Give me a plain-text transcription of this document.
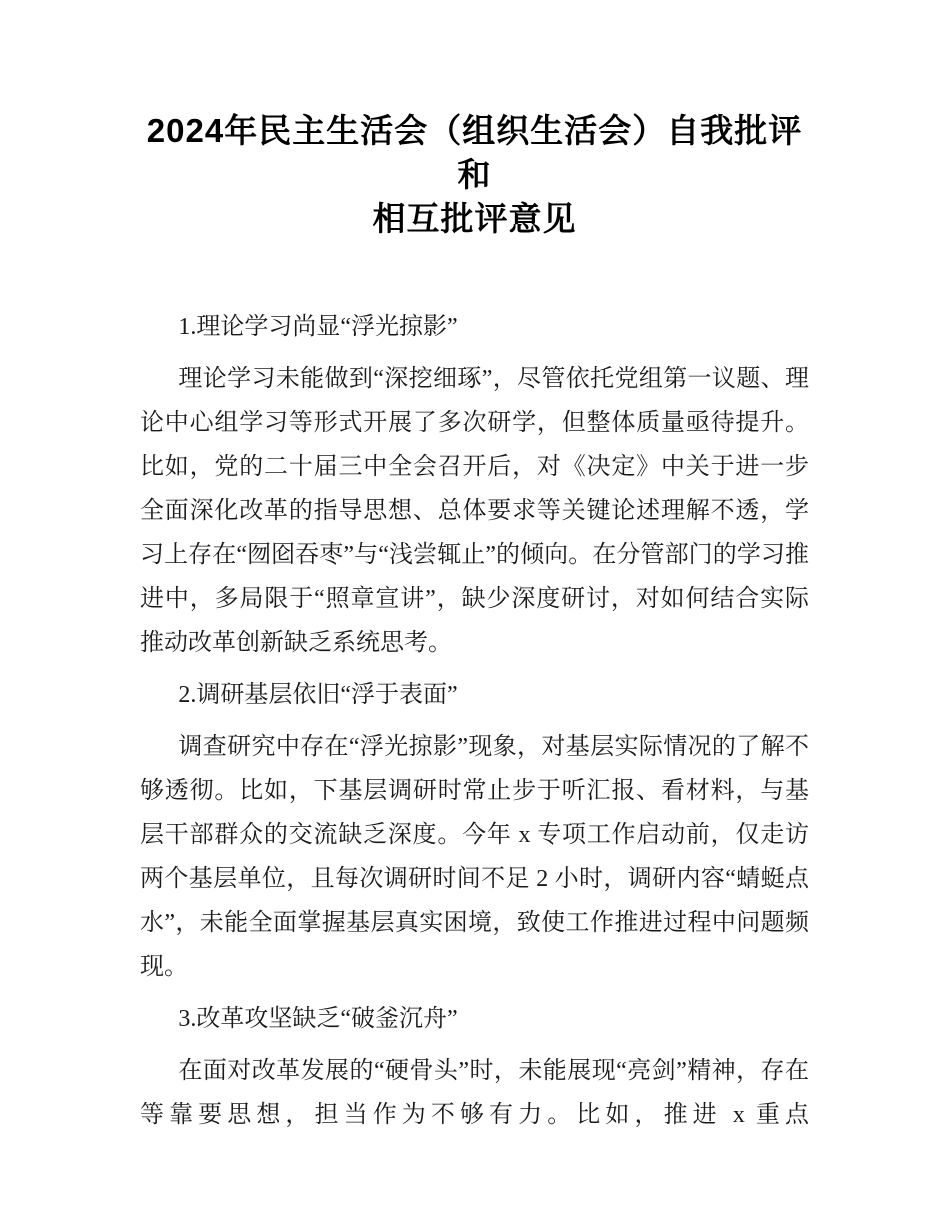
2024年民主生活会（组织生活会）自我批评和
相互批评意见

1.理论学习尚显“浮光掠影”

理论学习未能做到“深挖细琢”，尽管依托党组第一议题、理论中心组学习等形式开展了多次研学，但整体质量亟待提升。比如，党的二十届三中全会召开后，对《决定》中关于进一步全面深化改革的指导思想、总体要求等关键论述理解不透，学习上存在“囫囵吞枣”与“浅尝辄止”的倾向。在分管部门的学习推进中，多局限于“照章宣讲”，缺少深度研讨，对如何结合实际推动改革创新缺乏系统思考。

2.调研基层依旧“浮于表面”

调查研究中存在“浮光掠影”现象，对基层实际情况的了解不够透彻。比如，下基层调研时常止步于听汇报、看材料，与基层干部群众的交流缺乏深度。今年 x 专项工作启动前，仅走访两个基层单位，且每次调研时间不足 2 小时，调研内容“蜻蜓点水”，未能全面掌握基层真实困境，致使工作推进过程中问题频现。

3.改革攻坚缺乏“破釜沉舟”

在面对改革发展的“硬骨头”时，未能展现“亮剑”精神，存在等靠要思想，担当作为不够有力。比如，推进 x 重点
